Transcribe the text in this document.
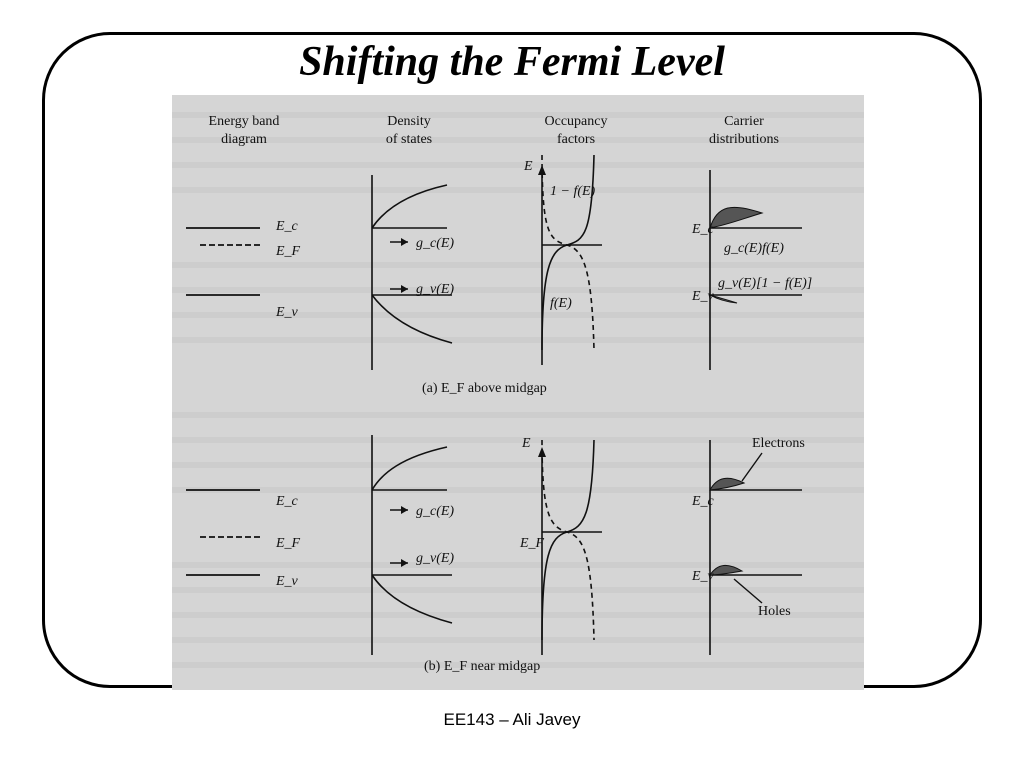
Shifting the Fermi Level
Energy band
diagram
Density
of states
Occupancy
factors
Carrier
distributions
E_c
E_F
E_v
g_c(E)
g_v(E)
E
1 − f(E)
f(E)
E_c
E_v
g_c(E)f(E)
g_v(E)[1 − f(E)]
(a) E_F above midgap
E_c
E_F
E_v
g_c(E)
g_v(E)
E
E_F
E_c
E_v
Electrons
Holes
(b) E_F near midgap
EE143 – Ali Javey
